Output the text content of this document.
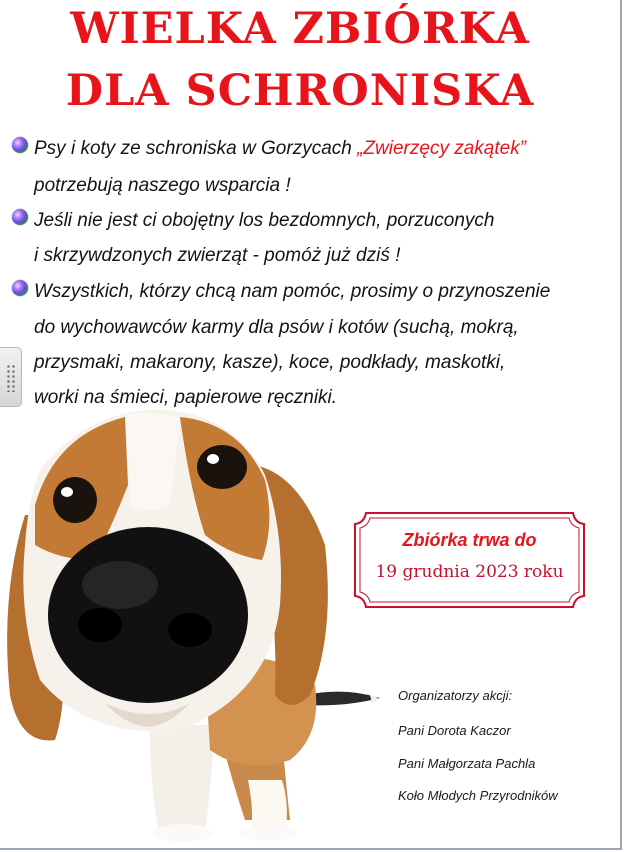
WIELKA ZBIÓRKA
DLA SCHRONISKA
Psy i koty ze schroniska w Gorzycach „Zwierzęcy zakątek”
potrzebują naszego wsparcia !
Jeśli nie jest ci obojętny los bezdomnych, porzuconych
i skrzywdzonych zwierząt - pomóż już dziś !
Wszystkich, którzy chcą nam pomóc, prosimy o przynoszenie
do wychowawców karmy dla psów i kotów (suchą, mokrą,
przysmaki, makarony, kasze), koce, podkłady, maskotki,
worki na śmieci, papierowe ręczniki.
Zbiórka trwa do
19 grudnia 2023 roku
Organizatorzy akcji:
Pani Dorota Kaczor
Pani Małgorzata Pachla
Koło Młodych Przyrodników
